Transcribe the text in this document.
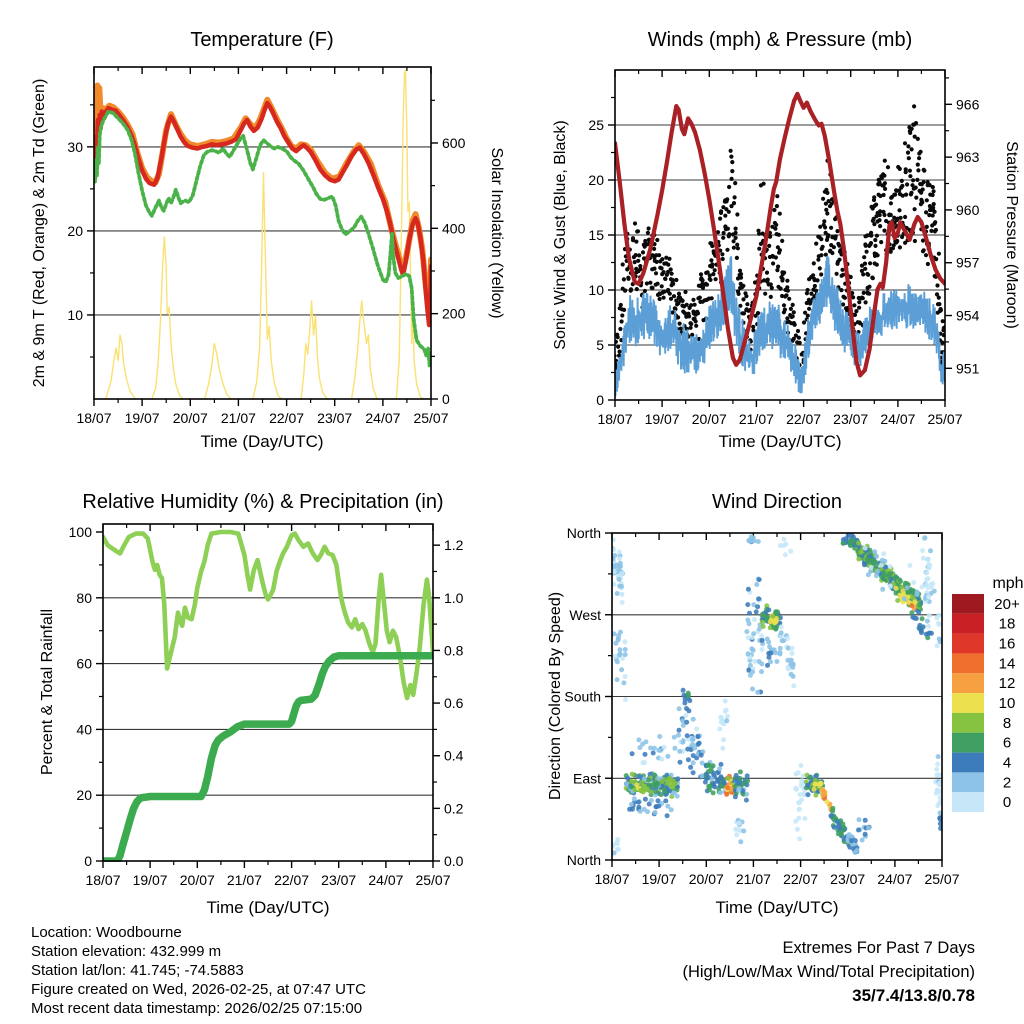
Temperature (F)
2m & 9m T (Red, Orange) & 2m Td (Green)	Solar Insolation (Yellow)
Time (Day/UTC)
18/07 19/07 20/07 21/07 22/07 23/07 24/07 25/07
10
20
30
0
200
400
600
Winds (mph) & Pressure (mb)
Sonic Wind & Gust (Blue, Black)	Station Pressure (Maroon)
Time (Day/UTC)
18/07 19/07 20/07 21/07 22/07 23/07 24/07 25/07
0
5
10
15
20
25
951
954
957
960
963
966
Relative Humidity (%) & Precipitation (in)
Percent & Total Rainfall
Time (Day/UTC)
18/07 19/07 20/07 21/07 22/07 23/07 24/07 25/07
0
20
40
60
80
100
0.0
0.2
0.4
0.6
0.8
1.0
1.2
Wind Direction
Direction (Colored By Speed)
Time (Day/UTC)
18/07 19/07 20/07 21/07 22/07 23/07 24/07 25/07
North
West
South
East
North
mph
20+
18
16
14
12
10
8
6
4
2
0
Location: Woodbourne
Station elevation: 432.999 m
Station lat/lon: 41.745; -74.5883
Figure created on Wed, 2026-02-25, at 07:47 UTC
Most recent data timestamp: 2026/02/25 07:15:00
Extremes For Past 7 Days
(High/Low/Max Wind/Total Precipitation)
35/7.4/13.8/0.78
